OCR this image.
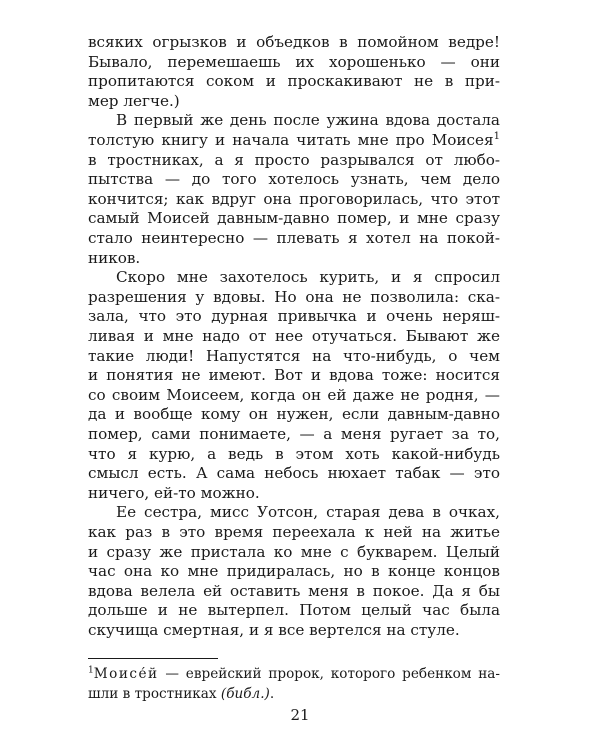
всяких огрызков и объедков в помойном ведре!
Бывало, перемешаешь их хорошенько — они
пропитаются соком и проскакивают не в при-
мер легче.)
В первый же день после ужина вдова достала
толстую книгу и начала читать мне про Моисея$^1$
в тростниках, а я просто разрывался от любо-
пытства — до того хотелось узнать, чем дело
кончится; как вдруг она проговорилась, что этот
самый Моисей давным-давно помер, и мне сразу
стало неинтересно — плевать я хотел на покой-
ников.
Скоро мне захотелось курить, и я спросил
разрешения у вдовы. Но она не позволила: ска-
зала, что это дурная привычка и очень неряш-
ливая и мне надо от нее отучаться. Бывают же
такие люди! Напустятся на что-нибудь, о чем
и понятия не имеют. Вот и вдова тоже: носится
со своим Моисеем, когда он ей даже не родня, —
да и вообще кому он нужен, если давным-давно
помер, сами понимаете, — а меня ругает за то,
что я курю, а ведь в этом хоть какой-нибудь
смысл есть. А сама небось нюхает табак — это
ничего, ей-то можно.
Ее сестра, мисс Уотсон, старая дева в очках,
как раз в это время переехала к ней на житье
и сразу же пристала ко мне с букварем. Целый
час она ко мне придиралась, но в конце концов
вдова велела ей оставить меня в покое. Да я бы
дольше и не вытерпел. Потом целый час была
скучища смертная, и я все вертелся на стуле.
$^1$Моисе́й — еврейский пророк, которого ребенком на-
шли в тростниках (библ.).
21
